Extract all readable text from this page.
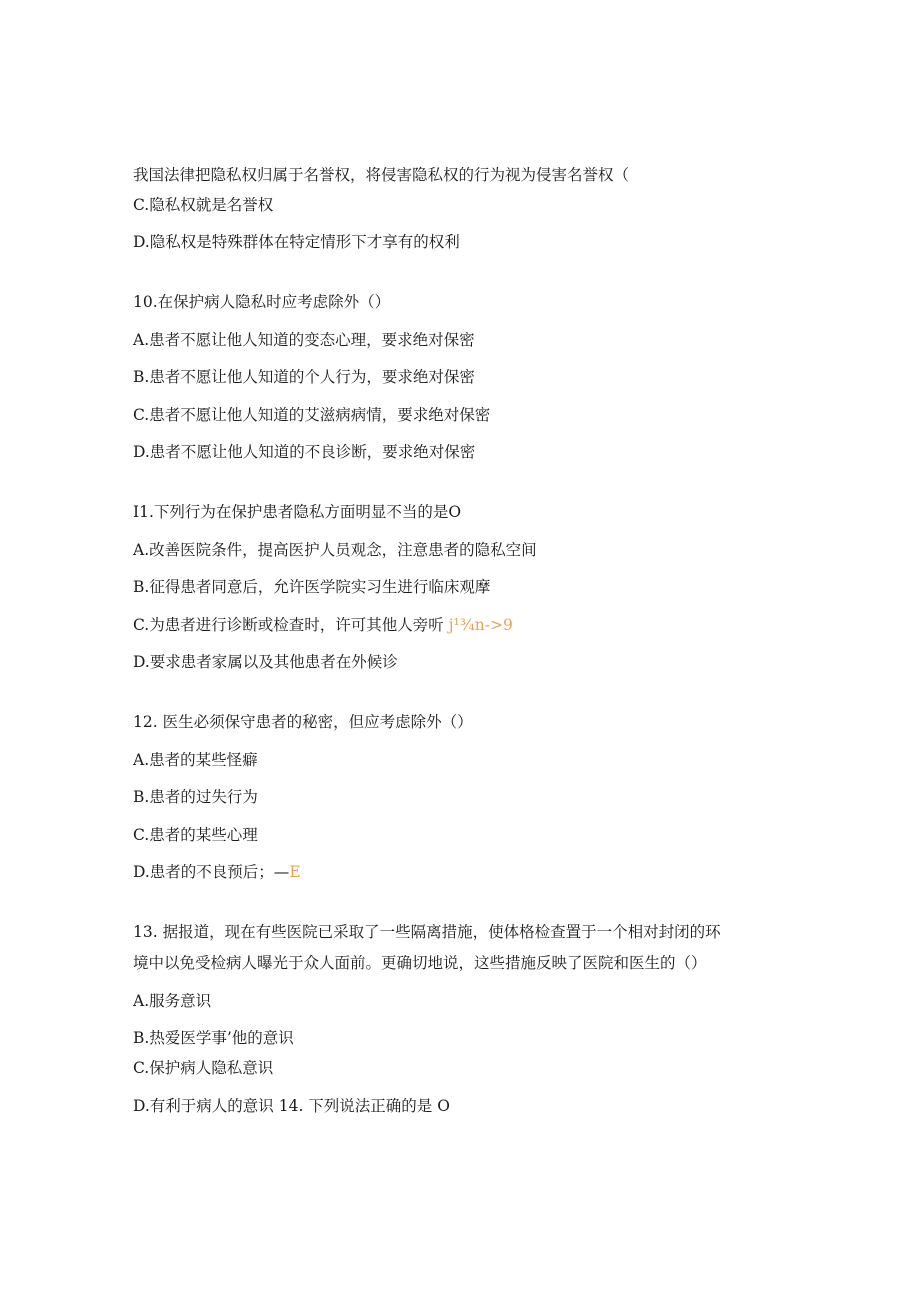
我国法律把隐私权归属于名誉权，将侵害隐私权的行为视为侵害名誉权（
C.隐私权就是名誉权
D.隐私权是特殊群体在特定情形下才享有的权利
10.在保护病人隐私时应考虑除外（）
A.患者不愿让他人知道的变态心理，要求绝对保密
B.患者不愿让他人知道的个人行为，要求绝对保密
C.患者不愿让他人知道的艾滋病病情，要求绝对保密
D.患者不愿让他人知道的不良诊断，要求绝对保密
I1.下列行为在保护患者隐私方面明显不当的是O
A.改善医院条件，提高医护人员观念，注意患者的隐私空间
B.征得患者同意后，允许医学院实习生进行临床观摩
C.为患者进行诊断或检查时，许可其他人旁听 j¹¾n->9
D.要求患者家属以及其他患者在外候诊
12. 医生必须保守患者的秘密，但应考虑除外（）
A.患者的某些怪癖
B.患者的过失行为
C.患者的某些心理
D.患者的不良预后；—E
13. 据报道，现在有些医院已采取了一些隔离措施，使体格检查置于一个相对封闭的环
境中以免受检病人曝光于众人面前。更确切地说，这些措施反映了医院和医生的（）
A.服务意识
B.热爱医学事’他的意识
C.保护病人隐私意识
D.有利于病人的意识 14. 下列说法正确的是 O
